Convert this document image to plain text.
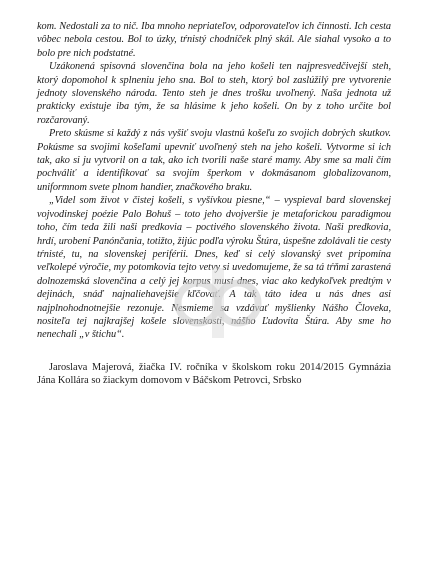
kom. Nedostali za to nič. Iba mnoho nepriateľov, odporovateľov ich činnosti. Ich cesta vôbec nebola cestou. Bol to úzky, tŕnistý chodníček plný skál. Ale siahal vysoko a to bolo pre nich podstatné.

Uzákonená spisovná slovenčina bola na jeho košeli ten najpresvedčivejší steh, ktorý dopomohol k splneniu jeho sna. Bol to steh, ktorý bol zaslúžilý pre vytvorenie jednoty slovenského národa. Tento steh je dnes trošku uvoľnený. Naša jednota už prakticky existuje iba tým, že sa hlásime k jeho košeli. On by z toho určite bol rozčarovaný.

Preto skúsme si každý z nás vyšiť svoju vlastnú košeľu zo svojich dobrých skutkov. Pokúsme sa svojimi košeľami upevniť uvoľnený steh na jeho košeli. Vytvorme si ich tak, ako si ju vytvoril on a tak, ako ich tvorili naše staré mamy. Aby sme sa mali čím pochváliť a identifikovať sa svojím šperkom v dokmásanom globalizovanom, uniformnom svete plnom handier, značkového braku.

„Videl som život v čistej košeli, s vyšívkou piesne,“ – vyspieval bard slovenskej vojvodinskej poézie Palo Bohuš – toto jeho dvojveršie je metaforickou paradigmou toho, čím teda žili naši predkovia – poctivého slovenského života. Naši predkovia, hrdí, urobení Panónčania, totižto, žijúc podľa výroku Štúra, úspešne zdolávali tie cesty tŕnisté, tu, na slovenskej periférii. Dnes, keď si celý slovanský svet pripomína veľkolepé výročie, my potomkovia tejto vetvy si uvedomujeme, že sa tá tŕňmi zarastená dolnozemská slovenčina a celý jej korpus musí dnes, viac ako kedykoľvek predtým v dejinách, snáď najnaliehavejšie kľčovať. A tak táto idea u nás dnes asi najplnohodnotnejšie rezonuje. Nesmieme sa vzdávať myšlienky Nášho Človeka, nositeľa tej najkrajšej košele slovenskosti, nášho Ľudovíta Štúra. Aby sme ho nenechali „v štichu“.

Jaroslava Majerová, žiačka IV. ročníka v školskom roku 2014/2015 Gymnázia Jána Kollára so žiackym domovom v Báčskom Petrovci, Srbsko
